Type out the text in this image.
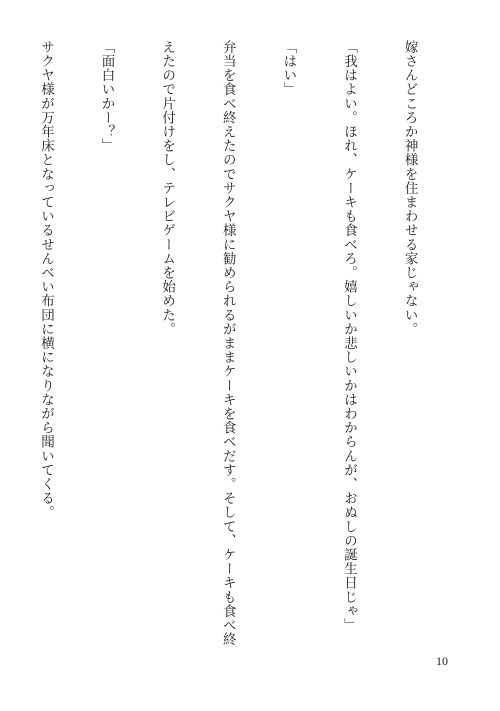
嫁さんどころか神様を住まわせる家じゃない。

「我はよい。ほれ、ケーキも食べろ。嬉しいか悲しいかはわからんが、おぬしの誕生日じゃ」

「はい」

弁当を食べ終えたのでサクヤ様に勧められるがままケーキを食べだす。そして、ケーキも食べ終

えたので片付けをし、テレビゲームを始めた。

「面白いかー？」

サクヤ様が万年床となっているせんべい布団に横になりながら聞いてくる。

10
